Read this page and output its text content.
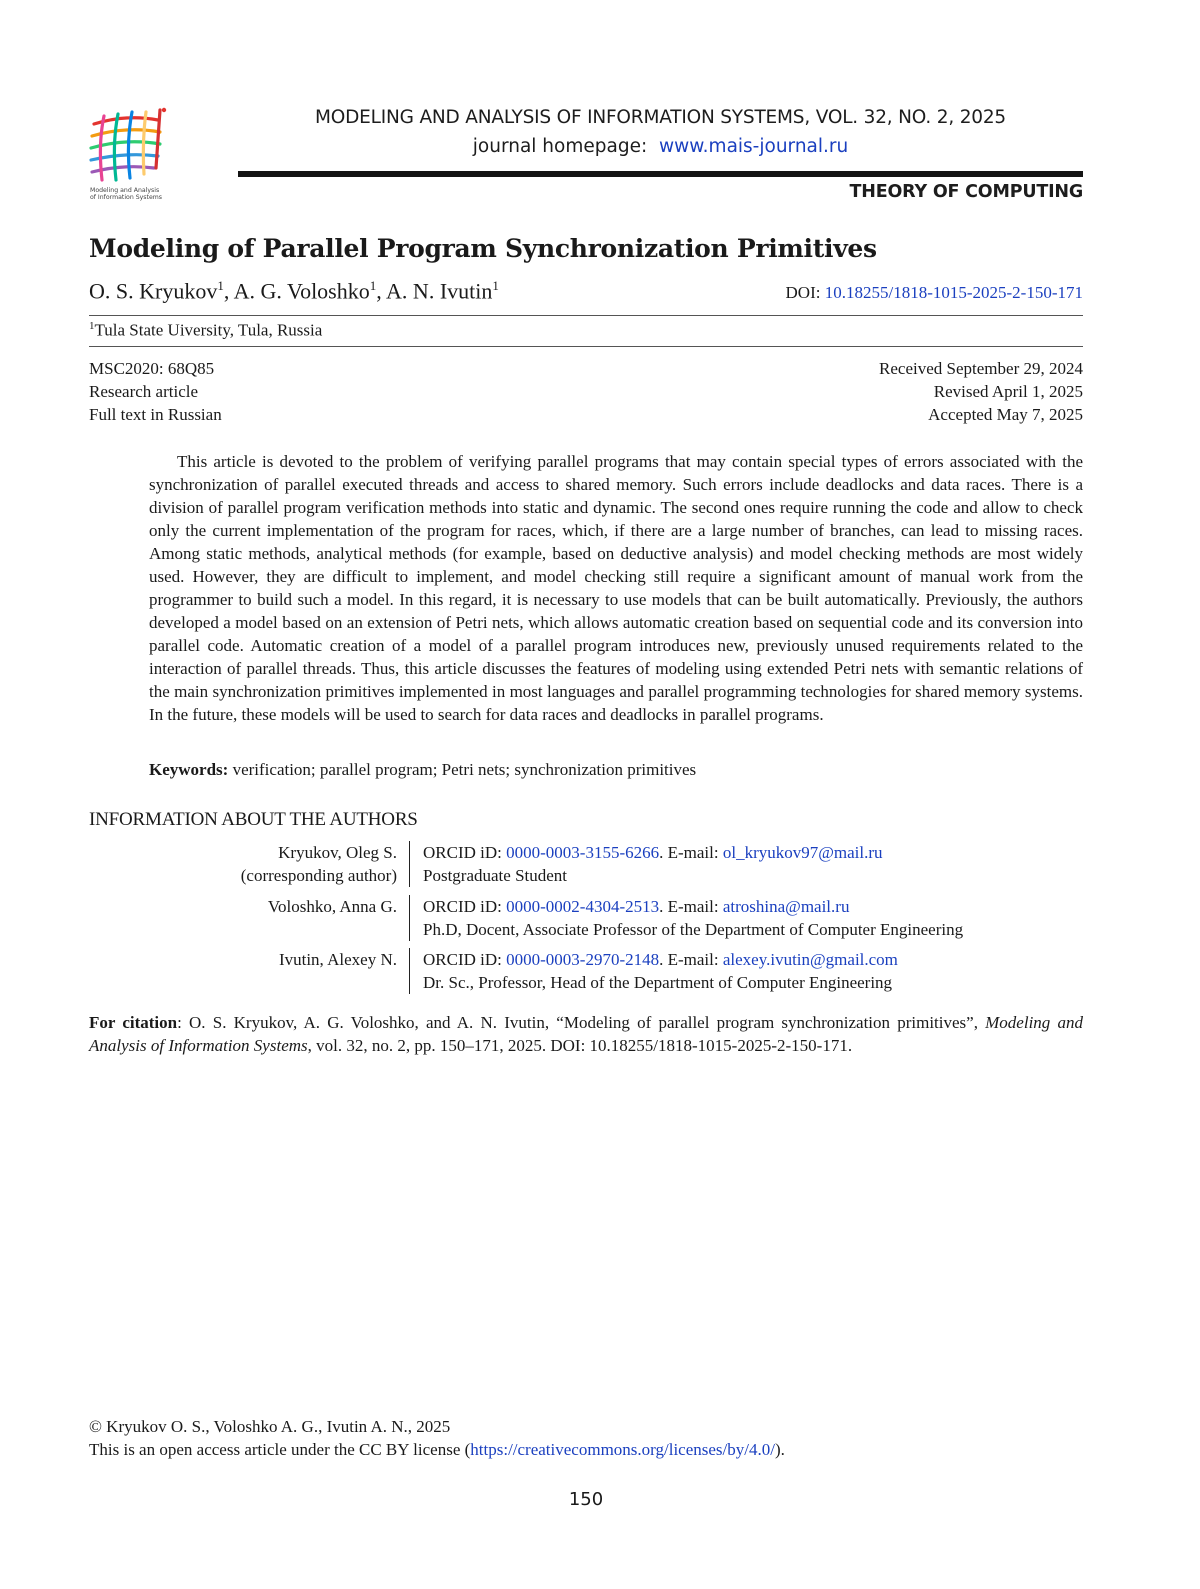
Modeling and Analysis
of Information Systems
MODELING AND ANALYSIS OF INFORMATION SYSTEMS, VOL. 32, NO. 2, 2025
journal homepage: www.mais-journal.ru
THEORY OF COMPUTING
Modeling of Parallel Program Synchronization Primitives
O. S. Kryukov$^1$, A. G. Voloshko$^1$, A. N. Ivutin$^1$	DOI: 10.18255/1818-1015-2025-2-150-171
$^1$Tula State Uiversity, Tula, Russia
MSC2020: 68Q85
Research article
Full text in Russian
Received September 29, 2024
Revised April 1, 2025
Accepted May 7, 2025

This article is devoted to the problem of verifying parallel programs that may contain special types of errors associated with the synchronization of parallel executed threads and access to shared memory. Such errors include deadlocks and data races. There is a division of parallel program verification methods into static and dynamic. The second ones require running the code and allow to check only the current implementation of the program for races, which, if there are a large number of branches, can lead to missing races. Among static methods, analytical methods (for example, based on deductive analysis) and model checking methods are most widely used. However, they are difficult to implement, and model checking still require a significant amount of manual work from the programmer to build such a model. In this regard, it is necessary to use models that can be built automatically. Previously, the authors developed a model based on an extension of Petri nets, which allows automatic creation based on sequential code and its conversion into parallel code. Automatic creation of a model of a parallel program introduces new, previously unused requirements related to the interaction of parallel threads. Thus, this article discusses the features of modeling using extended Petri nets with semantic relations of the main synchronization primitives implemented in most languages and parallel programming technologies for shared memory systems. In the future, these models will be used to search for data races and deadlocks in parallel programs.

Keywords: verification; parallel program; Petri nets; synchronization primitives
INFORMATION ABOUT THE AUTHORS
Kryukov, Oleg S.
(corresponding author)
ORCID iD: 0000-0003-3155-6266. E-mail: ol_kryukov97@mail.ru
Postgraduate Student
Voloshko, Anna G. ORCID iD: 0000-0002-4304-2513. E-mail: atroshina@mail.ru
Ph.D, Docent, Associate Professor of the Department of Computer Engineering
Ivutin, Alexey N. ORCID iD: 0000-0003-2970-2148. E-mail: alexey.ivutin@gmail.com
Dr. Sc., Professor, Head of the Department of Computer Engineering

For citation: O. S. Kryukov, A. G. Voloshko, and A. N. Ivutin, “Modeling of parallel program synchronization primitives”, Modeling and Analysis of Information Systems, vol. 32, no. 2, pp. 150–171, 2025. DOI: 10.18255/1818-1015-2025-2-150-171.

© Kryukov O. S., Voloshko A. G., Ivutin A. N., 2025
This is an open access article under the CC BY license (https://creativecommons.org/licenses/by/4.0/).
150
